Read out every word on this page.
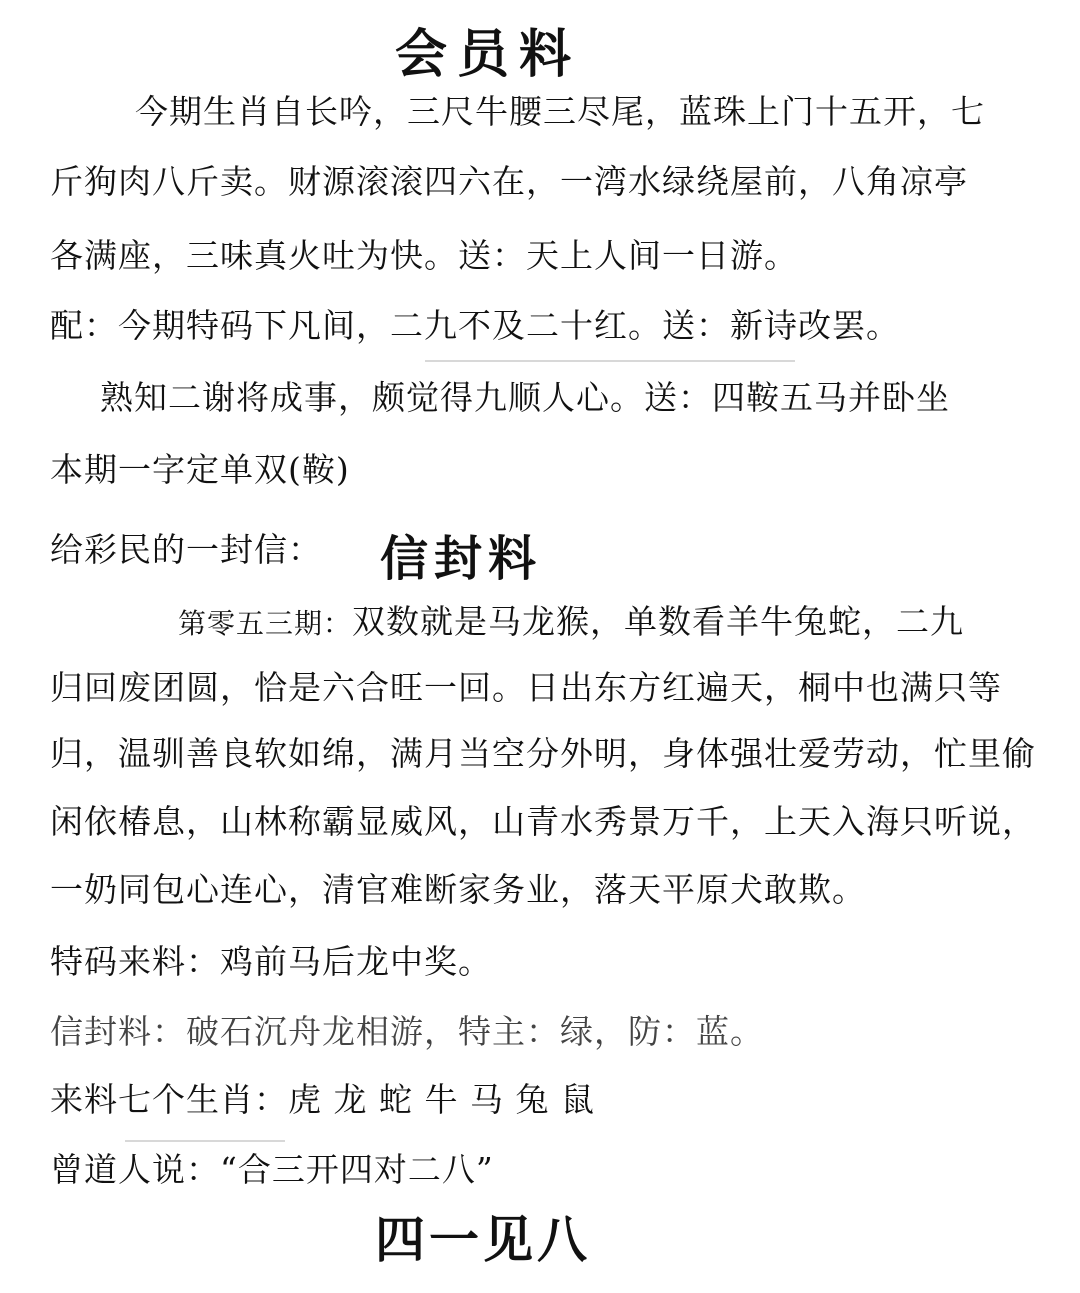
会员料
今期生肖自长吟，三尺牛腰三尽尾，蓝珠上门十五开，七
斤狗肉八斤卖。财源滚滚四六在，一湾水绿绕屋前，八角凉亭
各满座，三味真火吐为快。送：天上人间一日游。
配：今期特码下凡间，二九不及二十红。送：新诗改罢。
熟知二谢将成事，颇觉得九顺人心。送：四鞍五马并卧坐
本期一字定单双(鞍)
给彩民的一封信： 信封料
第零五三期：双数就是马龙猴，单数看羊牛兔蛇，二九
归回废团圆，恰是六合旺一回。日出东方红遍天，桐中也满只等
归，温驯善良软如绵，满月当空分外明，身体强壮爱劳动，忙里偷
闲依椿息，山林称霸显威风，山青水秀景万千，上天入海只听说，
一奶同包心连心，清官难断家务业，落天平原犬敢欺。
特码来料：鸡前马后龙中奖。
信封料：破石沉舟龙相游，特主：绿，防：蓝。
来料七个生肖：虎 龙 蛇 牛 马 兔 鼠
曾道人说：“合三开四对二八”
四一见八
